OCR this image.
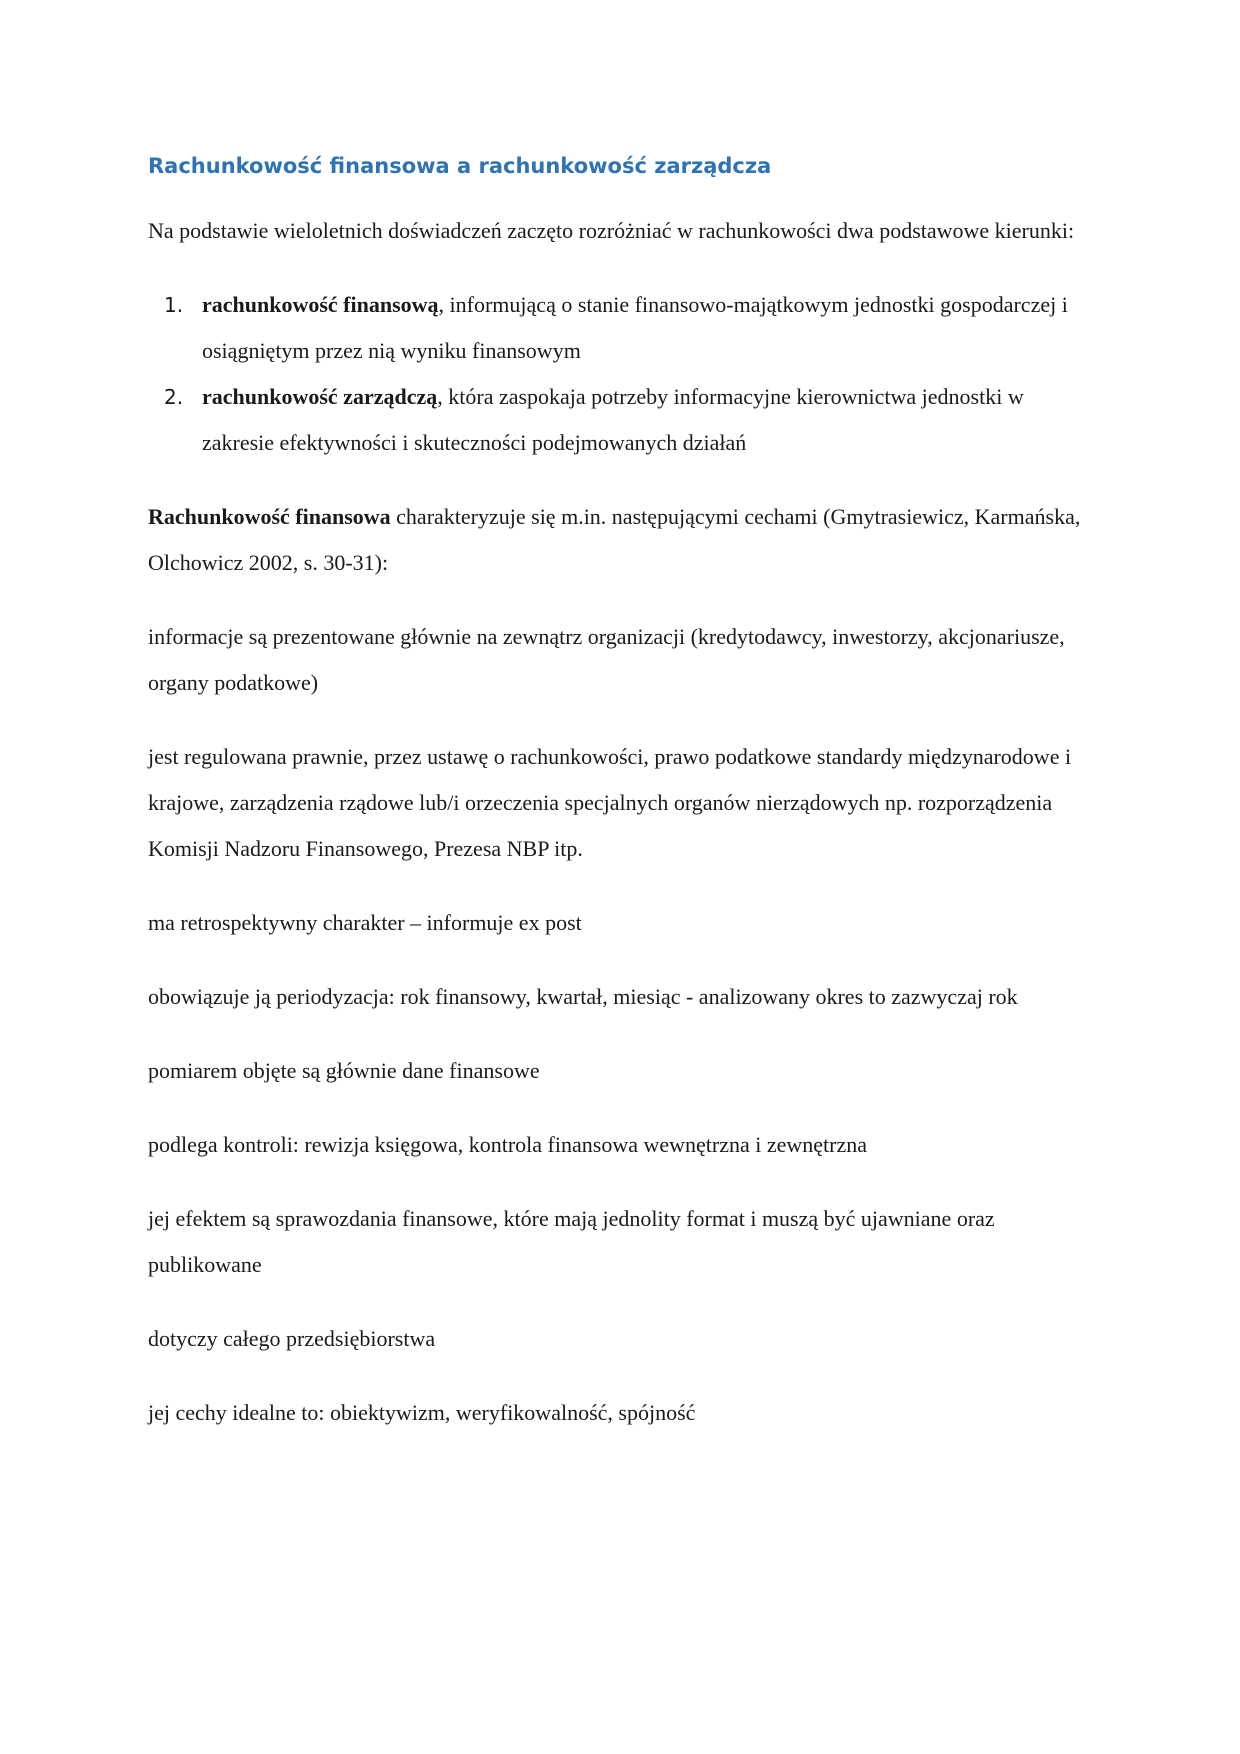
Rachunkowość finansowa a rachunkowość zarządcza

Na podstawie wieloletnich doświadczeń zaczęto rozróżniać w rachunkowości dwa podstawowe kierunki:

1. rachunkowość finansową, informującą o stanie finansowo-majątkowym jednostki gospodarczej i osiągniętym przez nią wyniku finansowym
2. rachunkowość zarządczą, która zaspokaja potrzeby informacyjne kierownictwa jednostki w zakresie efektywności i skuteczności podejmowanych działań

Rachunkowość finansowa charakteryzuje się m.in. następującymi cechami (Gmytrasiewicz, Karmańska, Olchowicz 2002, s. 30-31):

informacje są prezentowane głównie na zewnątrz organizacji (kredytodawcy, inwestorzy, akcjonariusze, organy podatkowe)

jest regulowana prawnie, przez ustawę o rachunkowości, prawo podatkowe standardy międzynarodowe i krajowe, zarządzenia rządowe lub/i orzeczenia specjalnych organów nierządowych np. rozporządzenia Komisji Nadzoru Finansowego, Prezesa NBP itp.

ma retrospektywny charakter – informuje ex post

obowiązuje ją periodyzacja: rok finansowy, kwartał, miesiąc - analizowany okres to zazwyczaj rok

pomiarem objęte są głównie dane finansowe

podlega kontroli: rewizja księgowa, kontrola finansowa wewnętrzna i zewnętrzna

jej efektem są sprawozdania finansowe, które mają jednolity format i muszą być ujawniane oraz publikowane

dotyczy całego przedsiębiorstwa

jej cechy idealne to: obiektywizm, weryfikowalność, spójność
